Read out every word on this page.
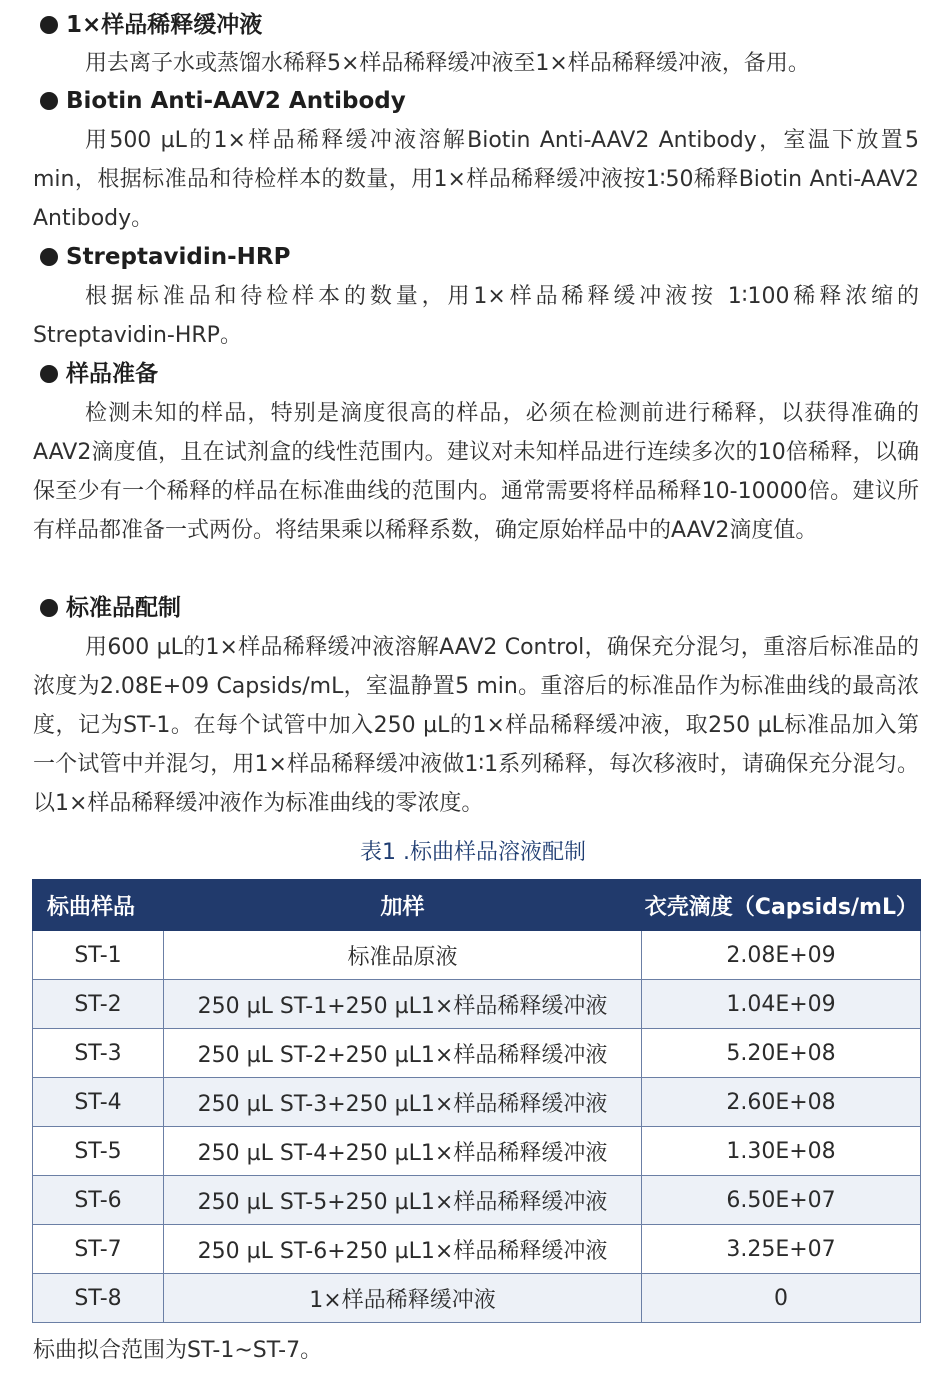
1×样品稀释缓冲液

用去离子水或蒸馏水稀释5×样品稀释缓冲液至1×样品稀释缓冲液，备用。

Biotin Anti-AAV2 Antibody

用500 µL的1×样品稀释缓冲液溶解Biotin Anti-AAV2 Antibody，室温下放置5 min，根据标准品和待检样本的数量，用1×样品稀释缓冲液按1∶50稀释Biotin Anti-AAV2 Antibody。

Streptavidin-HRP

根据标准品和待检样本的数量，用1×样品稀释缓冲液按 1∶100稀释浓缩的Streptavidin-HRP。

样品准备

检测未知的样品，特别是滴度很高的样品，必须在检测前进行稀释，以获得准确的AAV2滴度值，且在试剂盒的线性范围内。建议对未知样品进行连续多次的10倍稀释，以确保至少有一个稀释的样品在标准曲线的范围内。通常需要将样品稀释10-10000倍。建议所有样品都准备一式两份。将结果乘以稀释系数，确定原始样品中的AAV2滴度值。

标准品配制

用600 µL的1×样品稀释缓冲液溶解AAV2 Control，确保充分混匀，重溶后标准品的浓度为2.08E+09 Capsids/mL，室温静置5 min。重溶后的标准品作为标准曲线的最高浓度，记为ST-1。在每个试管中加入250 µL的1×样品稀释缓冲液，取250 µL标准品加入第一个试管中并混匀，用1×样品稀释缓冲液做1∶1系列稀释，每次移液时，请确保充分混匀。以1×样品稀释缓冲液作为标准曲线的零浓度。

表1 .标曲样品溶液配制
标曲样品	加样	衣壳滴度（Capsids/mL）
ST-1	标准品原液	2.08E+09
ST-2	250 µL ST-1+250 µL1×样品稀释缓冲液	1.04E+09
ST-3	250 µL ST-2+250 µL1×样品稀释缓冲液	5.20E+08
ST-4	250 µL ST-3+250 µL1×样品稀释缓冲液	2.60E+08
ST-5	250 µL ST-4+250 µL1×样品稀释缓冲液	1.30E+08
ST-6	250 µL ST-5+250 µL1×样品稀释缓冲液	6.50E+07
ST-7	250 µL ST-6+250 µL1×样品稀释缓冲液	3.25E+07
ST-8	1×样品稀释缓冲液	0
标曲拟合范围为ST-1~ST-7。
